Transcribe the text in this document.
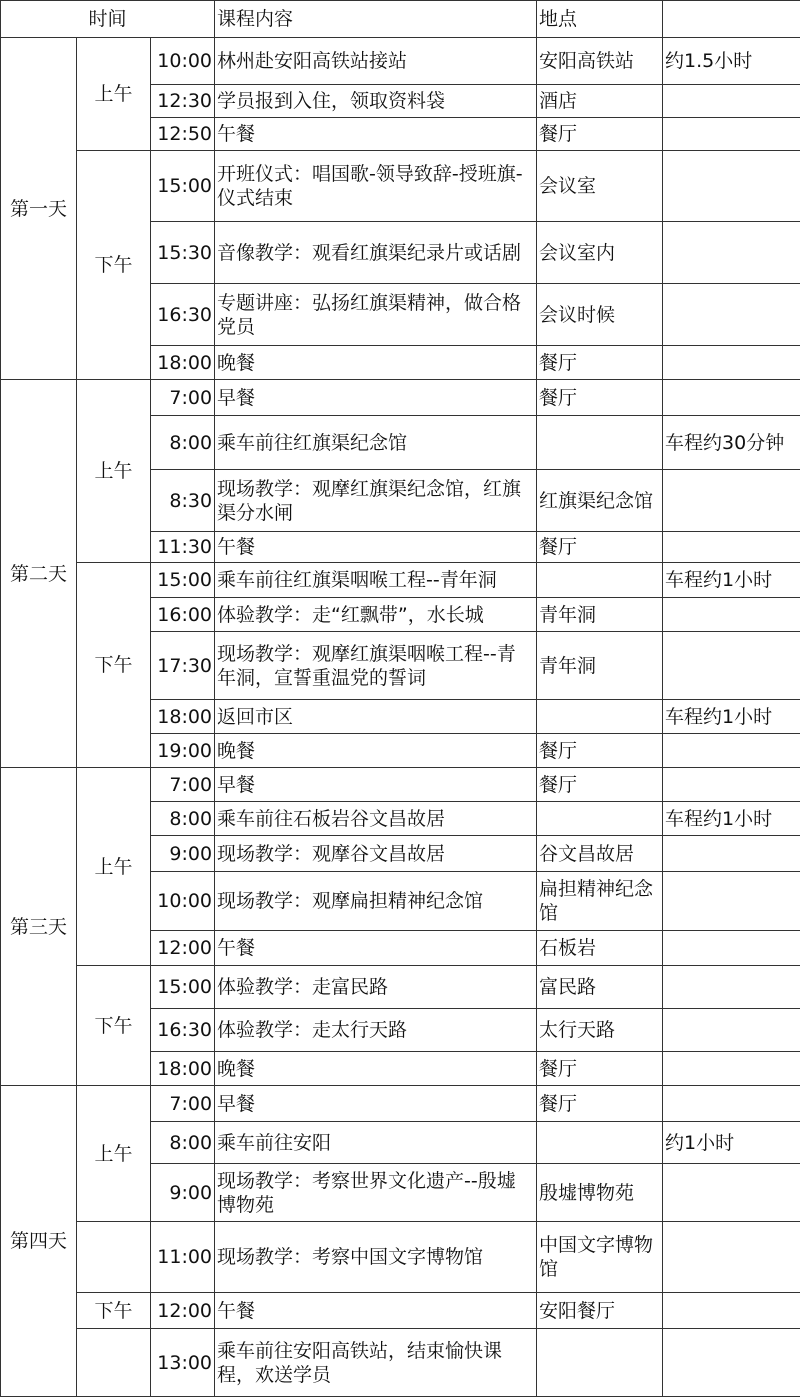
时间			课程内容	地点	
第一天	上午	10:00	林州赴安阳高铁站接站	安阳高铁站	约1.5小时
		12:30	学员报到入住，领取资料袋	酒店	
		12:50	午餐	餐厅	
	下午	15:00	开班仪式：唱国歌-领导致辞-授班旗-仪式结束	会议室	
		15:30	音像教学：观看红旗渠纪录片或话剧	会议室内	
		16:30	专题讲座：弘扬红旗渠精神，做合格党员	会议时候	
		18:00	晚餐	餐厅	
第二天	上午	7:00	早餐	餐厅	
		8:00	乘车前往红旗渠纪念馆		车程约30分钟
		8:30	现场教学：观摩红旗渠纪念馆，红旗渠分水闸	红旗渠纪念馆	
		11:30	午餐	餐厅	
	下午	15:00	乘车前往红旗渠咽喉工程--青年洞		车程约1小时
		16:00	体验教学：走“红飘带”，水长城	青年洞	
		17:30	现场教学：观摩红旗渠咽喉工程--青年洞，宣誓重温党的誓词	青年洞	
		18:00	返回市区		车程约1小时
		19:00	晚餐	餐厅	
第三天	上午	7:00	早餐	餐厅	
		8:00	乘车前往石板岩谷文昌故居		车程约1小时
		9:00	现场教学：观摩谷文昌故居	谷文昌故居	
		10:00	现场教学：观摩扁担精神纪念馆	扁担精神纪念馆	
		12:00	午餐	石板岩	
	下午	15:00	体验教学：走富民路	富民路	
		16:30	体验教学：走太行天路	太行天路	
		18:00	晚餐	餐厅	
第四天	上午	7:00	早餐	餐厅	
		8:00	乘车前往安阳		约1小时
		9:00	现场教学：考察世界文化遗产--殷墟博物苑	殷墟博物苑	
		11:00	现场教学：考察中国文字博物馆	中国文字博物馆	
	下午	12:00	午餐	安阳餐厅	
		13:00	乘车前往安阳高铁站，结束愉快课程，欢送学员		
